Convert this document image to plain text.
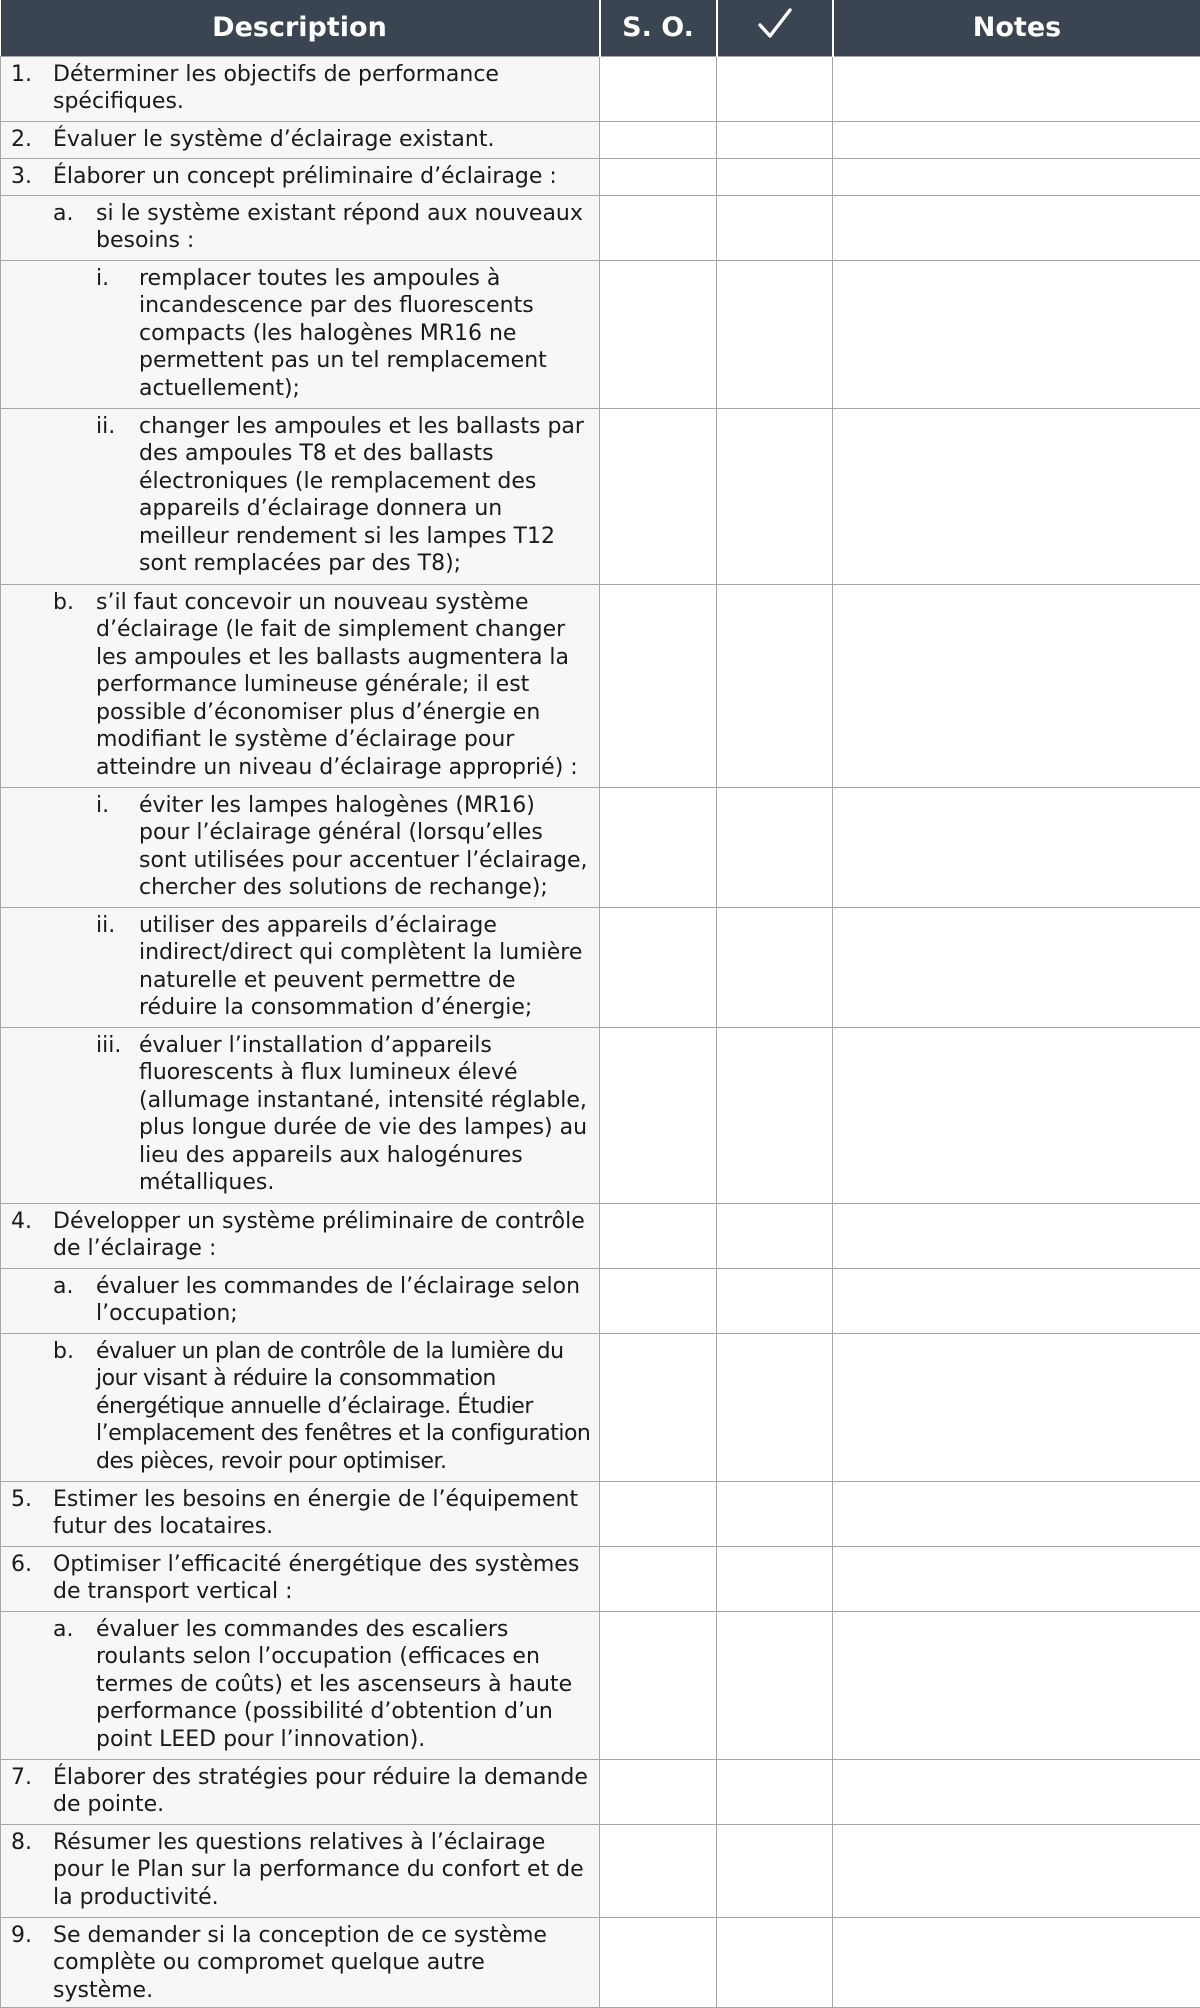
Description	S. O.		Notes

1. Déterminer les objectifs de performance spécifiques.			

2. Évaluer le système d’éclairage existant.			

3. Élaborer un concept préliminaire d’éclairage :			

a. si le système existant répond aux nouveaux besoins :			

i. remplacer toutes les ampoules à incandescence par des fluorescents compacts (les halogènes MR16 ne permettent pas un tel remplacement actuellement);			

ii. changer les ampoules et les ballasts par des ampoules T8 et des ballasts électroniques (le remplacement des appareils d’éclairage donnera un meilleur rendement si les lampes T12 sont remplacées par des T8);			

b. s’il faut concevoir un nouveau système d’éclairage (le fait de simplement changer les ampoules et les ballasts augmentera la performance lumineuse générale; il est possible d’économiser plus d’énergie en modifiant le système d’éclairage pour atteindre un niveau d’éclairage approprié) :			

i. éviter les lampes halogènes (MR16) pour l’éclairage général (lorsqu’elles sont utilisées pour accentuer l’éclairage, chercher des solutions de rechange);			

ii. utiliser des appareils d’éclairage indirect/direct qui complètent la lumière naturelle et peuvent permettre de réduire la consommation d’énergie;			

iii. évaluer l’installation d’appareils fluorescents à flux lumineux élevé (allumage instantané, intensité réglable, plus longue durée de vie des lampes) au lieu des appareils aux halogénures métalliques.			

4. Développer un système préliminaire de contrôle de l’éclairage :			

a. évaluer les commandes de l’éclairage selon l’occupation;			

b. évaluer un plan de contrôle de la lumière du jour visant à réduire la consommation énergétique annuelle d’éclairage. Étudier l’emplacement des fenêtres et la configuration des pièces, revoir pour optimiser.			

5. Estimer les besoins en énergie de l’équipement futur des locataires.			

6. Optimiser l’efficacité énergétique des systèmes de transport vertical :			

a. évaluer les commandes des escaliers roulants selon l’occupation (efficaces en termes de coûts) et les ascenseurs à haute performance (possibilité d’obtention d’un point LEED pour l’innovation).			

7. Élaborer des stratégies pour réduire la demande de pointe.			

8. Résumer les questions relatives à l’éclairage pour le Plan sur la performance du confort et de la productivité.			

9. Se demander si la conception de ce système complète ou compromet quelque autre système.			
